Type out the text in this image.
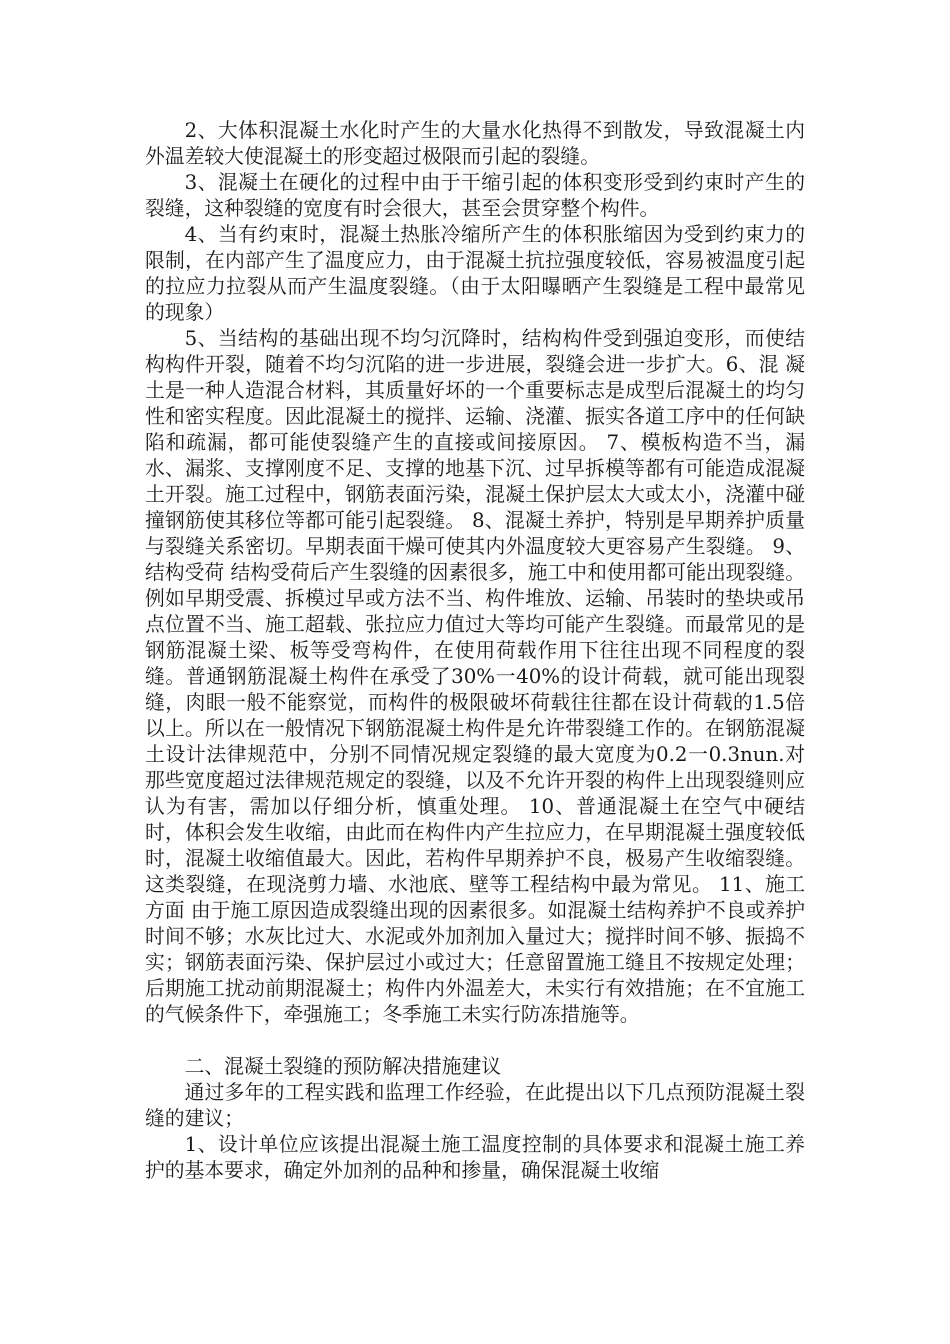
2、大体积混凝土水化时产生的大量水化热得不到散发，导致混凝土内外温差较大使混凝土的形变超过极限而引起的裂缝。

3、混凝土在硬化的过程中由于干缩引起的体积变形受到约束时产生的裂缝，这种裂缝的宽度有时会很大，甚至会贯穿整个构件。

4、当有约束时，混凝土热胀冷缩所产生的体积胀缩因为受到约束力的限制，在内部产生了温度应力，由于混凝土抗拉强度较低，容易被温度引起的拉应力拉裂从而产生温度裂缝。（由于太阳曝晒产生裂缝是工程中最常见的现象）

5、当结构的基础出现不均匀沉降时，结构构件受到强迫变形，而使结构构件开裂，随着不均匀沉陷的进一步进展，裂缝会进一步扩大。6、混 凝 土是一种人造混合材料，其质量好坏的一个重要标志是成型后混凝土的均匀性和密实程度。因此混凝土的搅拌、运输、浇灌、振实各道工序中的任何缺陷和疏漏，都可能使裂缝产生的直接或间接原因。 7、模板构造不当，漏水、漏浆、支撑刚度不足、支撑的地基下沉、过早拆模等都有可能造成混凝土开裂。施工过程中，钢筋表面污染，混凝土保护层太大或太小，浇灌中碰撞钢筋使其移位等都可能引起裂缝。 8、混凝土养护，特别是早期养护质量与裂缝关系密切。早期表面干燥可使其内外温度较大更容易产生裂缝。 9、结构受荷 结构受荷后产生裂缝的因素很多，施工中和使用都可能出现裂缝。例如早期受震、拆模过早或方法不当、构件堆放、运输、吊装时的垫块或吊点位置不当、施工超载、张拉应力值过大等均可能产生裂缝。而最常见的是钢筋混凝土梁、板等受弯构件，在使用荷载作用下往往出现不同程度的裂缝。普通钢筋混凝土构件在承受了30%一40%的设计荷载，就可能出现裂缝，肉眼一般不能察觉，而构件的极限破坏荷载往往都在设计荷载的1.5倍以上。所以在一般情况下钢筋混凝土构件是允许带裂缝工作的。在钢筋混凝土设计法律规范中，分别不同情况规定裂缝的最大宽度为0.2一0.3nun.对那些宽度超过法律规范规定的裂缝，以及不允许开裂的构件上出现裂缝则应认为有害，需加以仔细分析，慎重处理。 10、普通混凝土在空气中硬结时，体积会发生收缩，由此而在构件内产生拉应力，在早期混凝土强度较低时，混凝土收缩值最大。因此，若构件早期养护不良，极易产生收缩裂缝。这类裂缝，在现浇剪力墙、水池底、壁等工程结构中最为常见。 11、施工方面 由于施工原因造成裂缝出现的因素很多。如混凝土结构养护不良或养护时间不够；水灰比过大、水泥或外加剂加入量过大；搅拌时间不够、振捣不实；钢筋表面污染、保护层过小或过大；任意留置施工缝且不按规定处理；后期施工扰动前期混凝土；构件内外温差大，未实行有效措施；在不宜施工的气候条件下，牵强施工；冬季施工未实行防冻措施等。

二、混凝土裂缝的预防解决措施建议

通过多年的工程实践和监理工作经验，在此提出以下几点预防混凝土裂缝的建议；

1、设计单位应该提出混凝土施工温度控制的具体要求和混凝土施工养护的基本要求，确定外加剂的品种和掺量，确保混凝土收缩
